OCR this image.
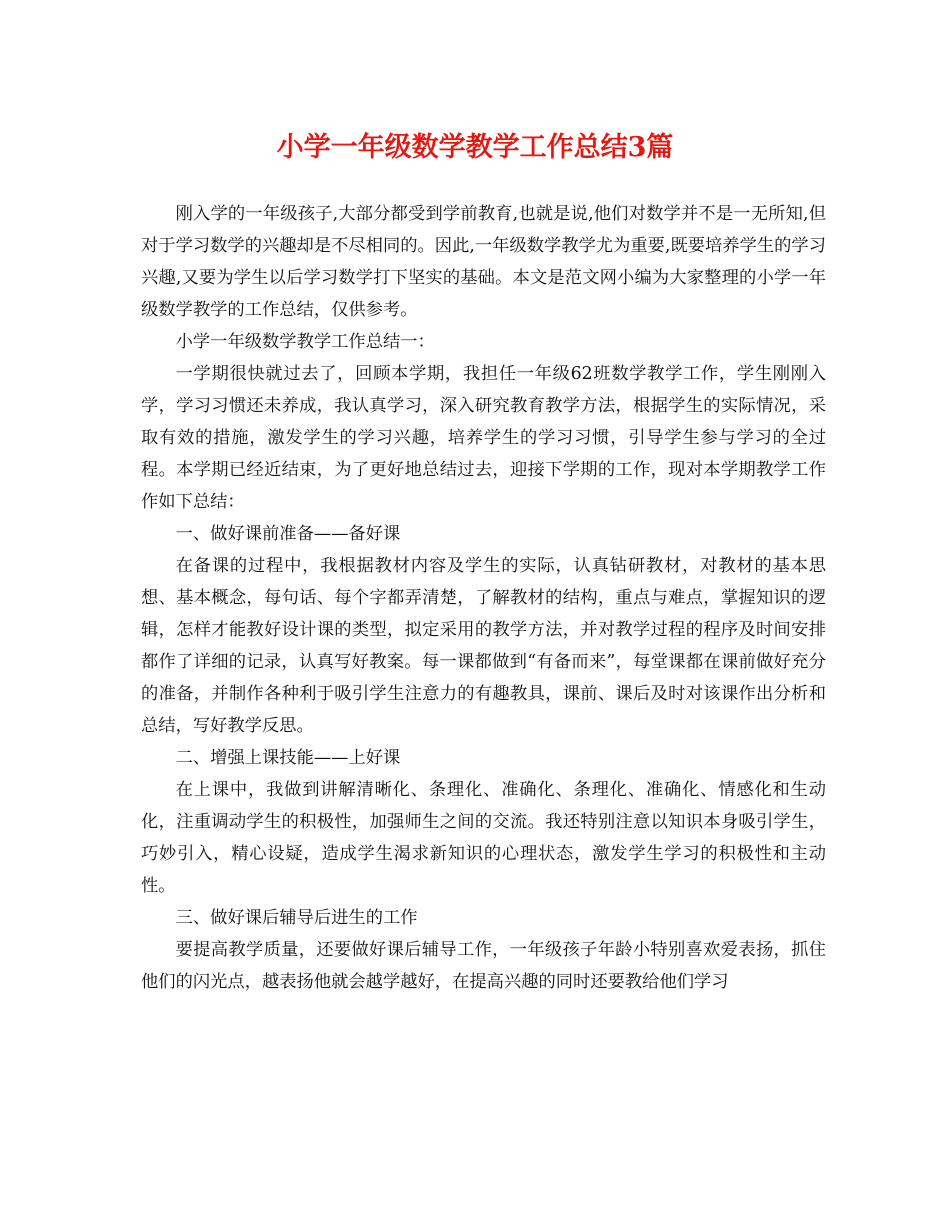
小学一年级数学教学工作总结3篇

刚入学的一年级孩子,大部分都受到学前教育,也就是说,他们对数学并不是一无所知,但对于学习数学的兴趣却是不尽相同的。因此,一年级数学教学尤为重要,既要培养学生的学习兴趣,又要为学生以后学习数学打下坚实的基础。本文是范文网小编为大家整理的小学一年级数学教学的工作总结，仅供参考。

小学一年级数学教学工作总结一：

一学期很快就过去了，回顾本学期，我担任一年级62班数学教学工作，学生刚刚入学，学习习惯还未养成，我认真学习，深入研究教育教学方法，根据学生的实际情况，采取有效的措施，激发学生的学习兴趣，培养学生的学习习惯，引导学生参与学习的全过程。本学期已经近结束，为了更好地总结过去，迎接下学期的工作，现对本学期教学工作作如下总结：

一、做好课前准备——备好课

在备课的过程中，我根据教材内容及学生的实际，认真钻研教材，对教材的基本思想、基本概念，每句话、每个字都弄清楚，了解教材的结构，重点与难点，掌握知识的逻辑，怎样才能教好设计课的类型，拟定采用的教学方法，并对教学过程的程序及时间安排都作了详细的记录，认真写好教案。每一课都做到“有备而来”，每堂课都在课前做好充分的准备，并制作各种利于吸引学生注意力的有趣教具，课前、课后及时对该课作出分析和总结，写好教学反思。

二、增强上课技能——上好课

在上课中，我做到讲解清晰化、条理化、准确化、条理化、准确化、情感化和生动化，注重调动学生的积极性，加强师生之间的交流。我还特别注意以知识本身吸引学生，巧妙引入，精心设疑，造成学生渴求新知识的心理状态，激发学生学习的积极性和主动性。

三、做好课后辅导后进生的工作

要提高教学质量，还要做好课后辅导工作，一年级孩子年龄小特别喜欢爱表扬，抓住他们的闪光点，越表扬他就会越学越好，在提高兴趣的同时还要教给他们学习
